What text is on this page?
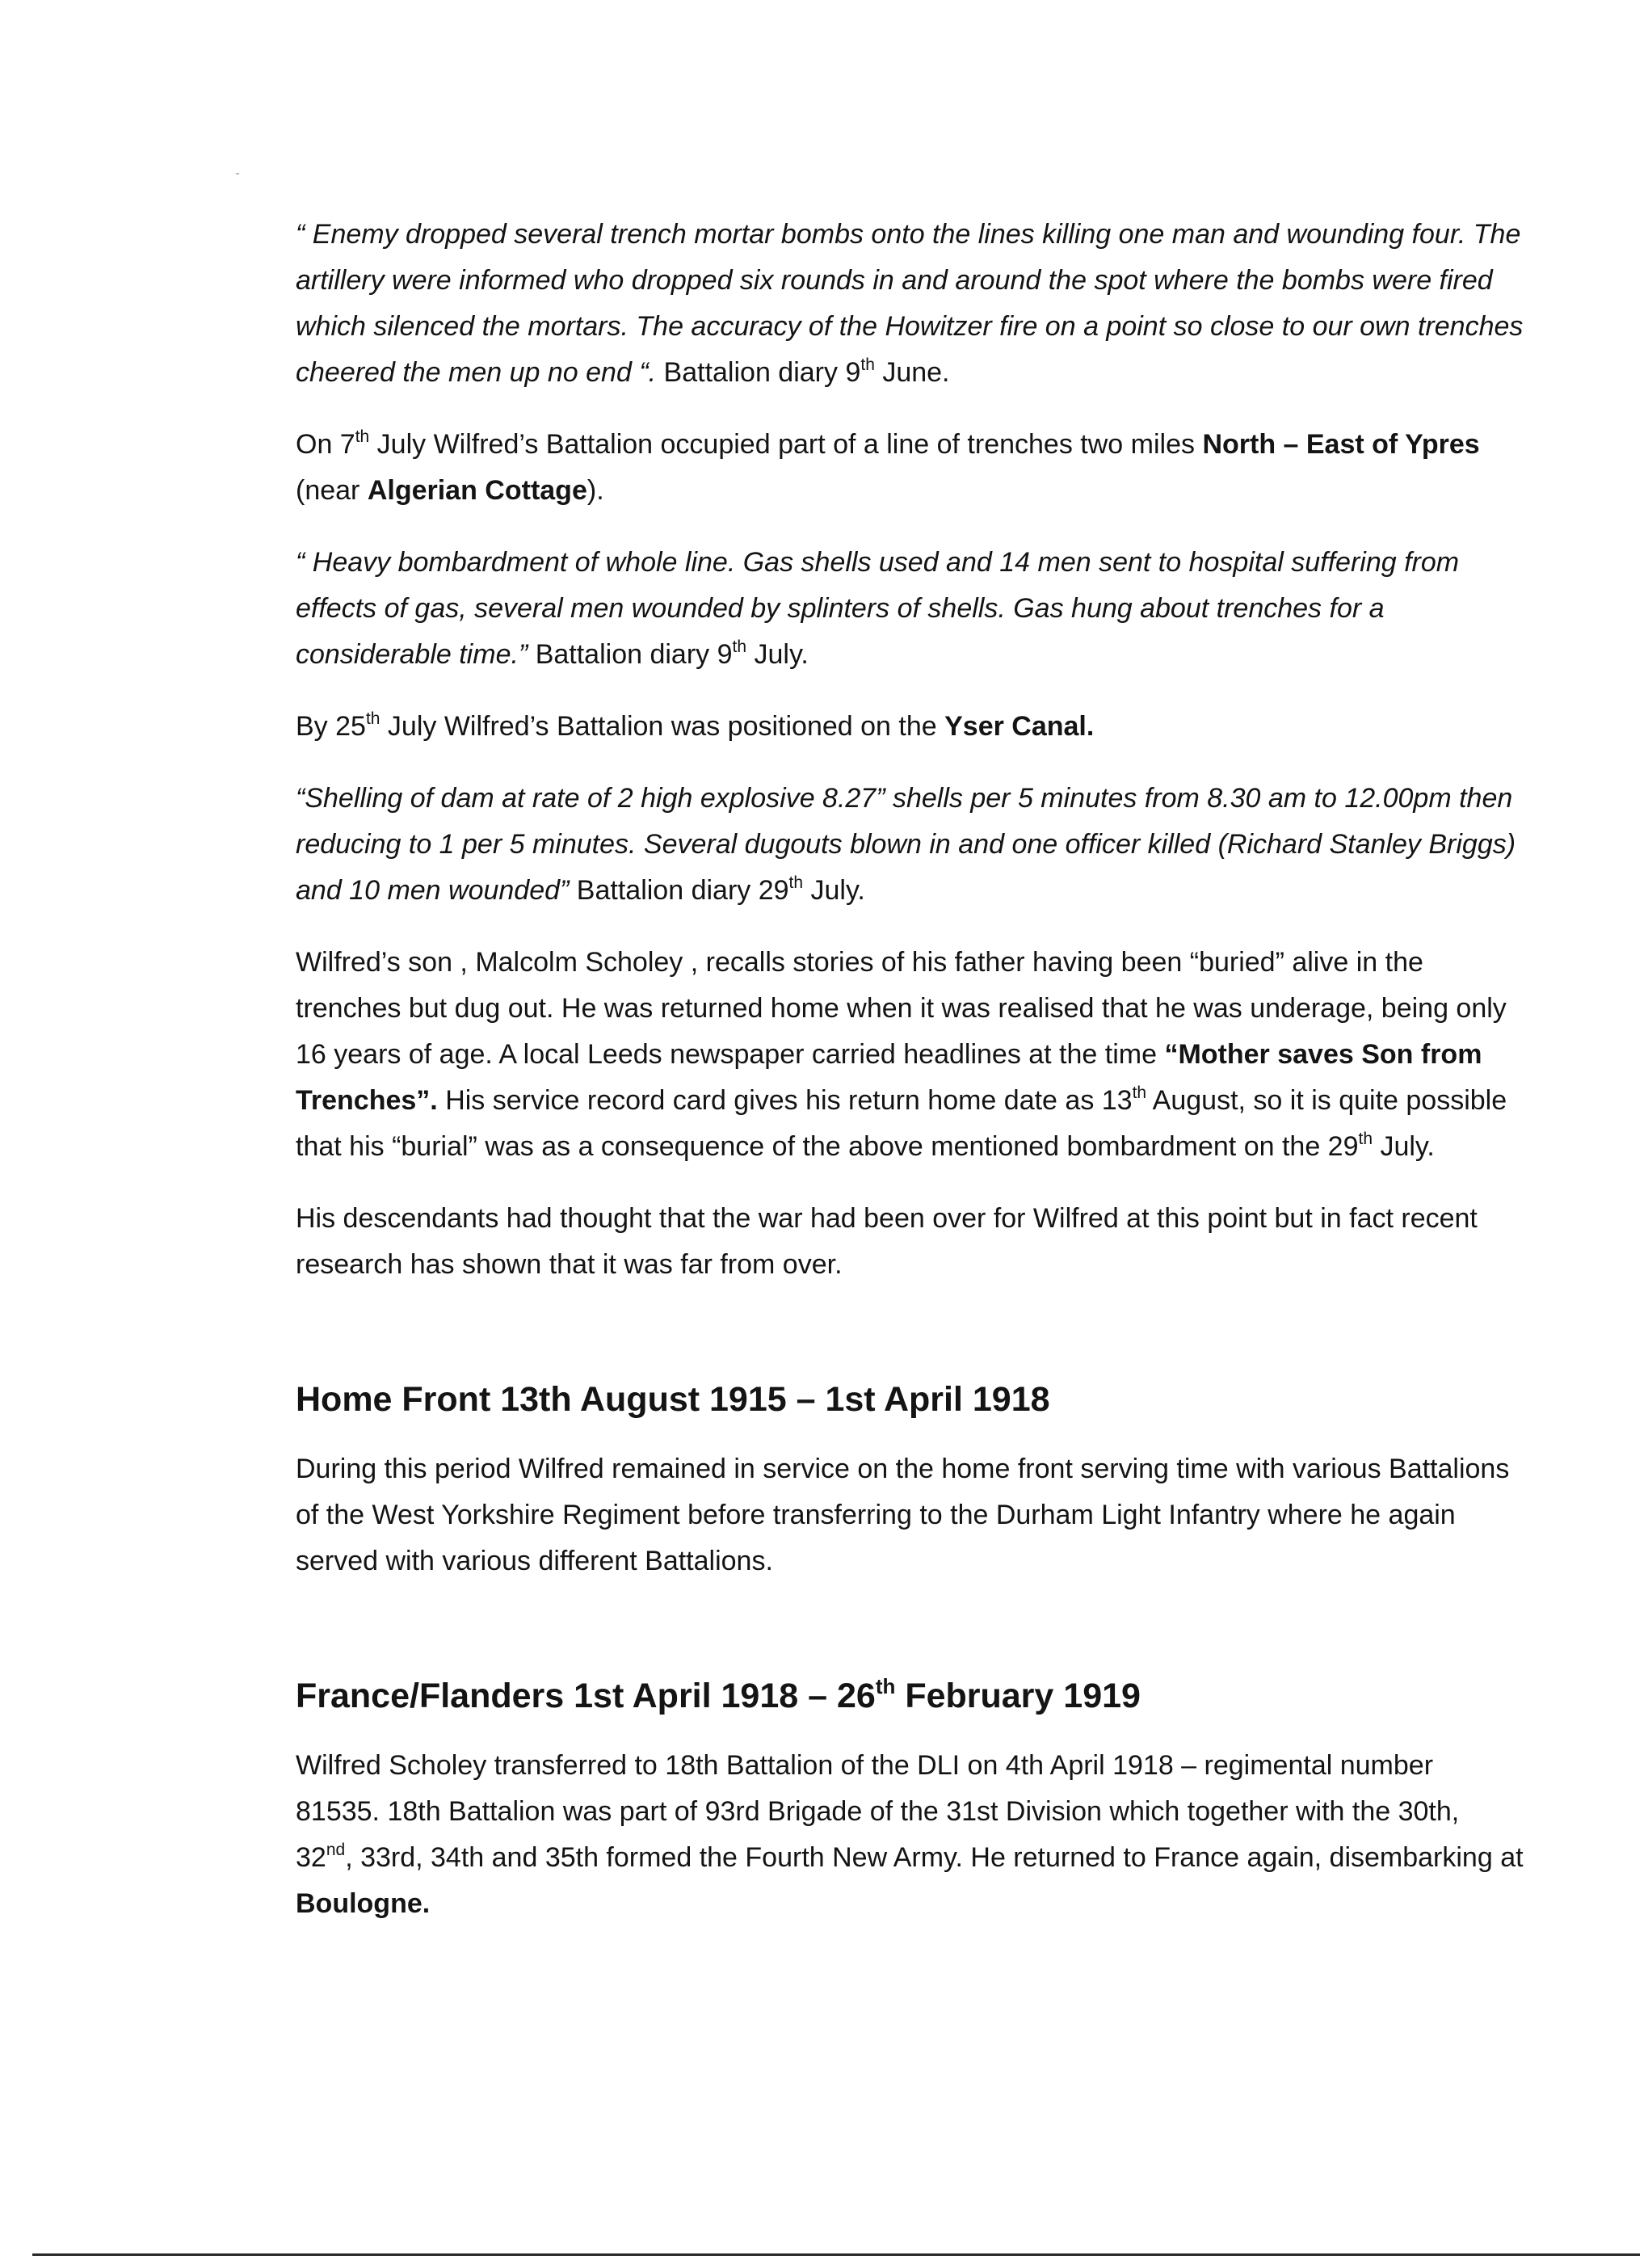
“ Enemy dropped several trench mortar bombs onto the lines killing one man and wounding four. The artillery were informed who dropped six rounds in and around the spot where the bombs were fired which silenced the mortars. The accuracy of the Howitzer fire on a point so close to our own trenches cheered the men up no end “. Battalion diary 9th June.

On 7th July Wilfred’s Battalion occupied part of a line of trenches two miles North – East of Ypres (near Algerian Cottage).

“ Heavy bombardment of whole line. Gas shells used and 14 men sent to hospital suffering from effects of gas, several men wounded by splinters of shells. Gas hung about trenches for a considerable time.” Battalion diary 9th July.

By 25th July Wilfred’s Battalion was positioned on the Yser Canal.

“Shelling of dam at rate of 2 high explosive 8.27” shells per 5 minutes from 8.30 am to 12.00pm then reducing to 1 per 5 minutes. Several dugouts blown in and one officer killed (Richard Stanley Briggs) and 10 men wounded” Battalion diary 29th July.

Wilfred’s son , Malcolm Scholey , recalls stories of his father having been “buried” alive in the trenches but dug out. He was returned home when it was realised that he was underage, being only 16 years of age. A local Leeds newspaper carried headlines at the time “Mother saves Son from Trenches”. His service record card gives his return home date as 13th August, so it is quite possible that his “burial” was as a consequence of the above mentioned bombardment on the 29th July.

His descendants had thought that the war had been over for Wilfred at this point but in fact recent research has shown that it was far from over.

Home Front 13th August 1915 – 1st April 1918

During this period Wilfred remained in service on the home front serving time with various Battalions of the West Yorkshire Regiment before transferring to the Durham Light Infantry where he again served with various different Battalions.

France/Flanders 1st April 1918 – 26th February 1919

Wilfred Scholey transferred to 18th Battalion of the DLI on 4th April 1918 – regimental number 81535. 18th Battalion was part of 93rd Brigade of the 31st Division which together with the 30th, 32nd, 33rd, 34th and 35th formed the Fourth New Army. He returned to France again, disembarking at Boulogne.
